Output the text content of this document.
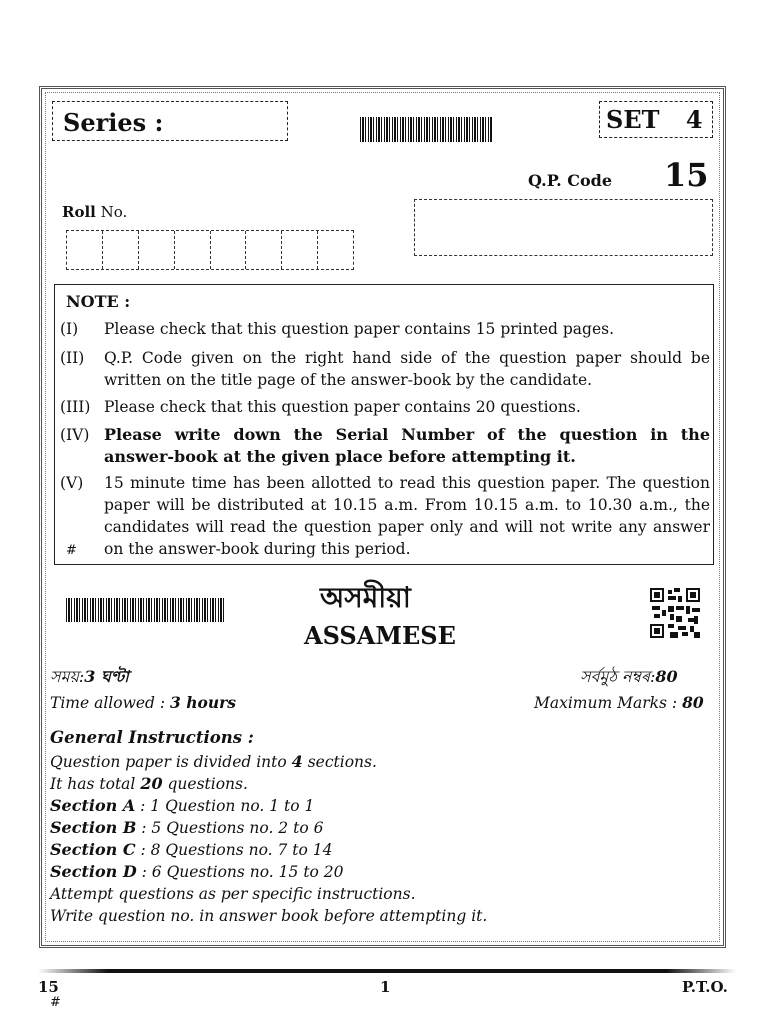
Series :	SET 4
Q.P. Code 15
Roll No.
NOTE :
(I) Please check that this question paper contains 15 printed pages.
(II) Q.P. Code given on the right hand side of the question paper should be written on the title page of the answer-book by the candidate.
(III) Please check that this question paper contains 20 questions.
(IV) Please write down the Serial Number of the question in the answer-book at the given place before attempting it.
(V) 15 minute time has been allotted to read this question paper. The question paper will be distributed at 10.15 a.m. From 10.15 a.m. to 10.30 a.m., the candidates will read the question paper only and will not write any answer on the answer-book during this period.
#
অসমীয়া
ASSAMESE
সময়:3 ঘণ্টা	সৰ্বমুঠ নম্বৰ:80
Time allowed : 3 hours	Maximum Marks : 80
General Instructions :
Question paper is divided into 4 sections.
It has total 20 questions.
Section A : 1 Question no. 1 to 1
Section B : 5 Questions no. 2 to 6
Section C : 8 Questions no. 7 to 14
Section D : 6 Questions no. 15 to 20
Attempt questions as per specific instructions.
Write question no. in answer book before attempting it.
15	1	P.T.O.
#
